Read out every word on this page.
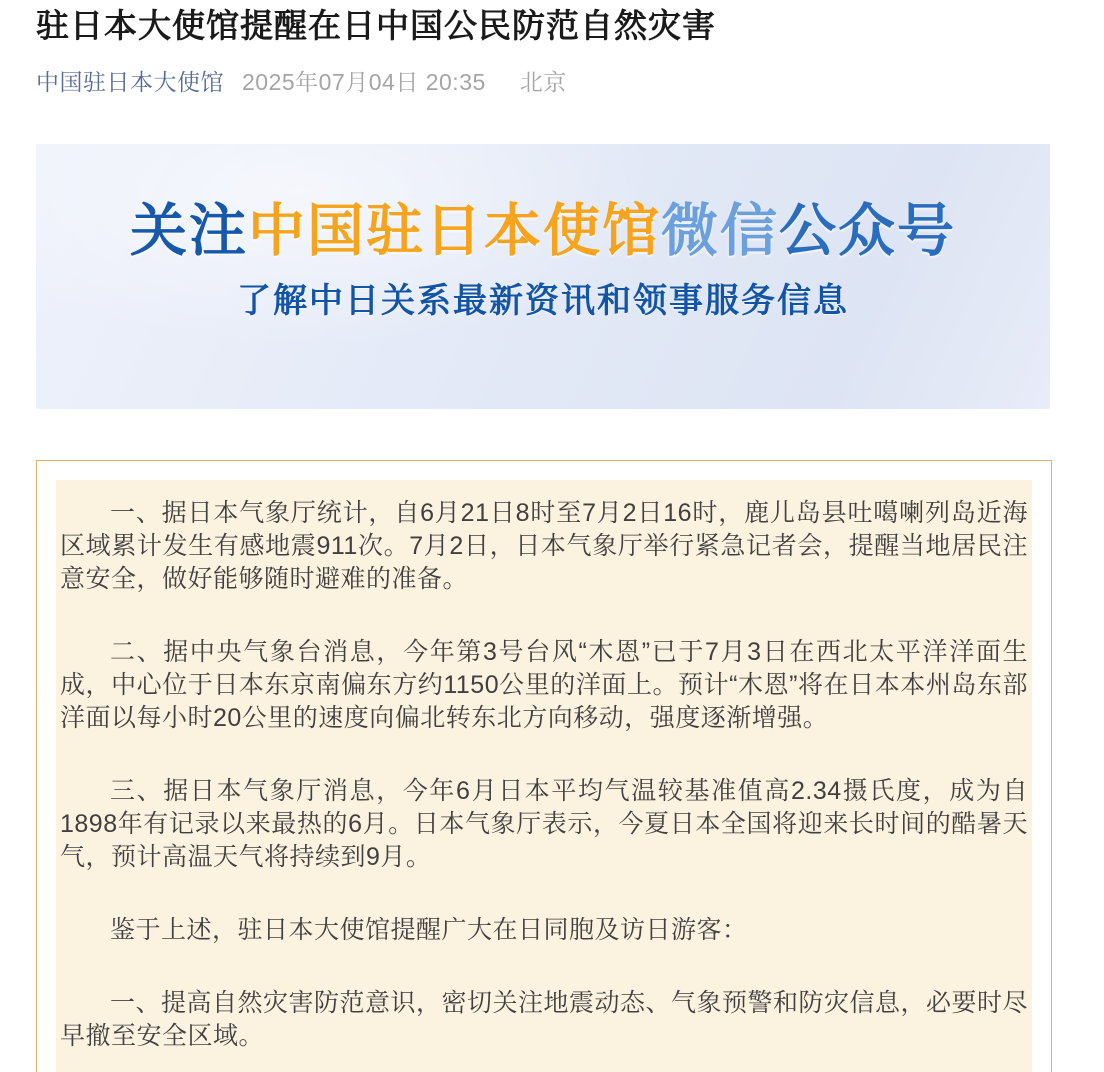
驻日本大使馆提醒在日中国公民防范自然灾害
中国驻日本大使馆 2025年07月04日 20:35 北京
关注中国驻日本使馆微信公众号
了解中日关系最新资讯和领事服务信息

一、据日本气象厅统计，自6月21日8时至7月2日16时，鹿儿岛县吐噶喇列岛近海区域累计发生有感地震911次。7月2日，日本气象厅举行紧急记者会，提醒当地居民注意安全，做好能够随时避难的准备。

二、据中央气象台消息，今年第3号台风“木恩”已于7月3日在西北太平洋洋面生成，中心位于日本东京南偏东方约1150公里的洋面上。预计“木恩”将在日本本州岛东部洋面以每小时20公里的速度向偏北转东北方向移动，强度逐渐增强。

三、据日本气象厅消息，今年6月日本平均气温较基准值高2.34摄氏度，成为自1898年有记录以来最热的6月。日本气象厅表示，今夏日本全国将迎来长时间的酷暑天气，预计高温天气将持续到9月。

鉴于上述，驻日本大使馆提醒广大在日同胞及访日游客：

一、提高自然灾害防范意识，密切关注地震动态、气象预警和防灾信息，必要时尽早撤至安全区域。
